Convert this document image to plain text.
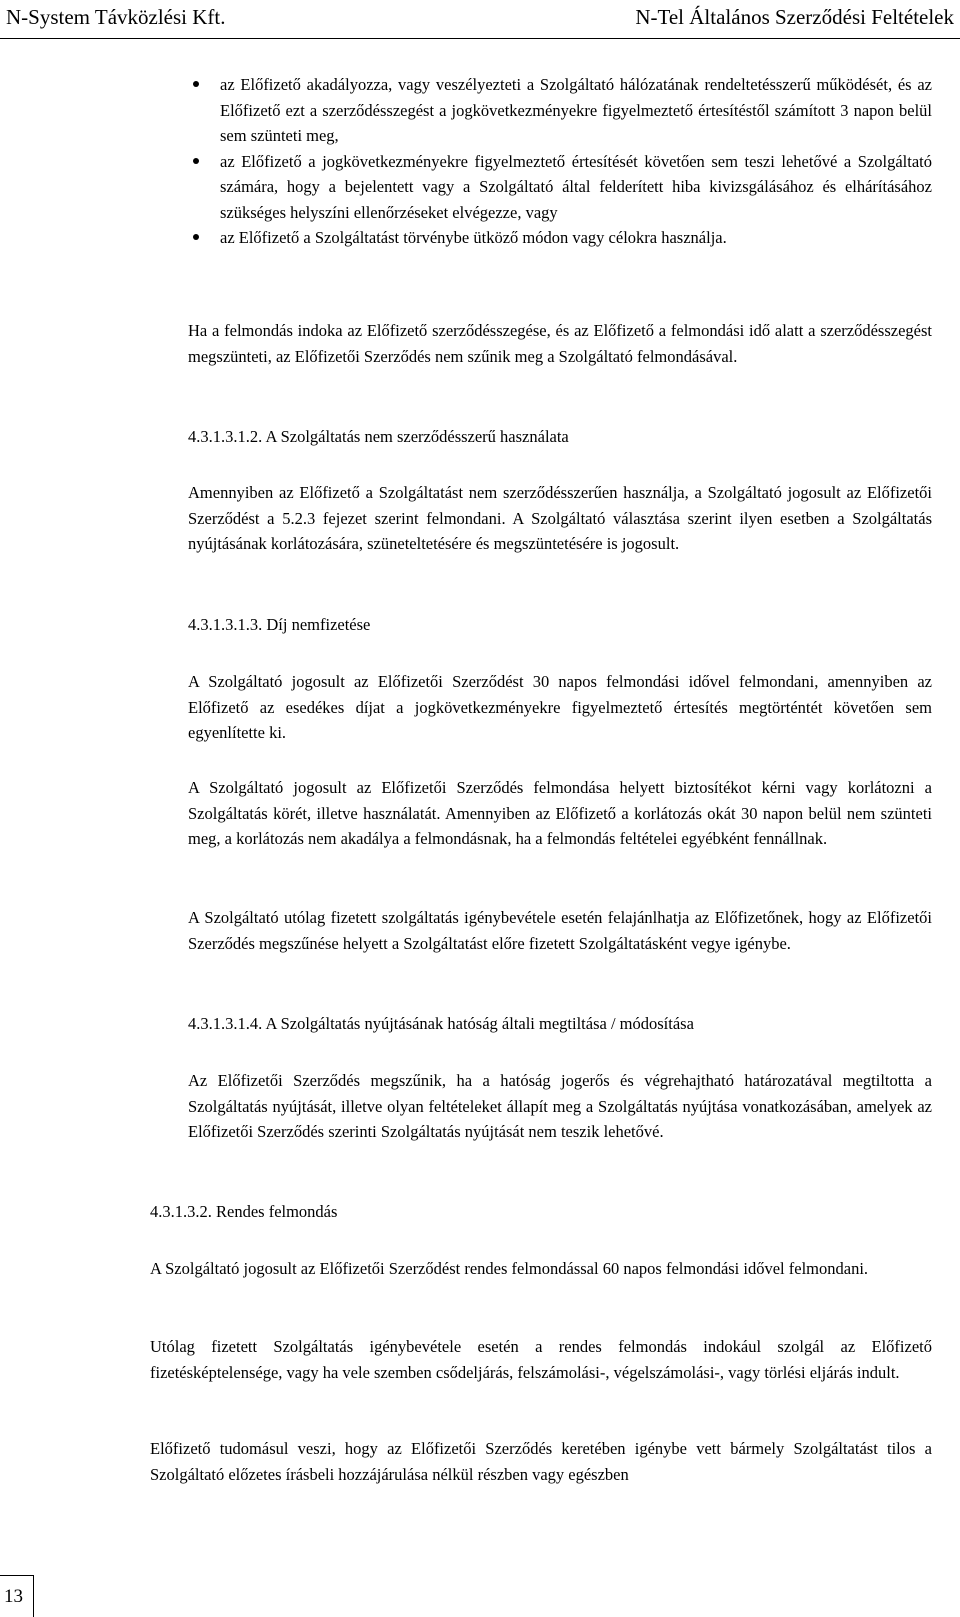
N-System Távközlési Kft.	N-Tel Általános Szerződési Feltételek
az Előfizető akadályozza, vagy veszélyezteti a Szolgáltató hálózatának rendeltetésszerű működését, és az Előfizető ezt a szerződésszegést a jogkövetkezményekre figyelmeztető értesítéstől számított 3 napon belül sem szünteti meg,
az Előfizető a jogkövetkezményekre figyelmeztető értesítését követően sem teszi lehetővé a Szolgáltató számára, hogy a bejelentett vagy a Szolgáltató által felderített hiba kivizsgálásához és elhárításához szükséges helyszíni ellenőrzéseket elvégezze, vagy
az Előfizető a Szolgáltatást törvénybe ütköző módon vagy célokra használja.

Ha a felmondás indoka az Előfizető szerződésszegése, és az Előfizető a felmondási idő alatt a szerződésszegést megszünteti, az Előfizetői Szerződés nem szűnik meg a Szolgáltató felmondásával.

4.3.1.3.1.2. A Szolgáltatás nem szerződésszerű használata

Amennyiben az Előfizető a Szolgáltatást nem szerződésszerűen használja, a Szolgáltató jogosult az Előfizetői Szerződést a 5.2.3 fejezet szerint felmondani. A Szolgáltató választása szerint ilyen esetben a Szolgáltatás nyújtásának korlátozására, szüneteltetésére és megszüntetésére is jogosult.

4.3.1.3.1.3. Díj nemfizetése

A Szolgáltató jogosult az Előfizetői Szerződést 30 napos felmondási idővel felmondani, amennyiben az Előfizető az esedékes díjat a jogkövetkezményekre figyelmeztető értesítés megtörténtét követően sem egyenlítette ki.

A Szolgáltató jogosult az Előfizetői Szerződés felmondása helyett biztosítékot kérni vagy korlátozni a Szolgáltatás körét, illetve használatát. Amennyiben az Előfizető a korlátozás okát 30 napon belül nem szünteti meg, a korlátozás nem akadálya a felmondásnak, ha a felmondás feltételei egyébként fennállnak.

A Szolgáltató utólag fizetett szolgáltatás igénybevétele esetén felajánlhatja az Előfizetőnek, hogy az Előfizetői Szerződés megszűnése helyett a Szolgáltatást előre fizetett Szolgáltatásként vegye igénybe.

4.3.1.3.1.4. A Szolgáltatás nyújtásának hatóság általi megtiltása / módosítása

Az Előfizetői Szerződés megszűnik, ha a hatóság jogerős és végrehajtható határozatával megtiltotta a Szolgáltatás nyújtását, illetve olyan feltételeket állapít meg a Szolgáltatás nyújtása vonatkozásában, amelyek az Előfizetői Szerződés szerinti Szolgáltatás nyújtását nem teszik lehetővé.

4.3.1.3.2. Rendes felmondás

A Szolgáltató jogosult az Előfizetői Szerződést rendes felmondással 60 napos felmondási idővel felmondani.

Utólag fizetett Szolgáltatás igénybevétele esetén a rendes felmondás indokául szolgál az Előfizető fizetésképtelensége, vagy ha vele szemben csődeljárás, felszámolási-, végelszámolási-, vagy törlési eljárás indult.

Előfizető tudomásul veszi, hogy az Előfizetői Szerződés keretében igénybe vett bármely Szolgáltatást tilos a Szolgáltató előzetes írásbeli hozzájárulása nélkül részben vagy egészben

13
